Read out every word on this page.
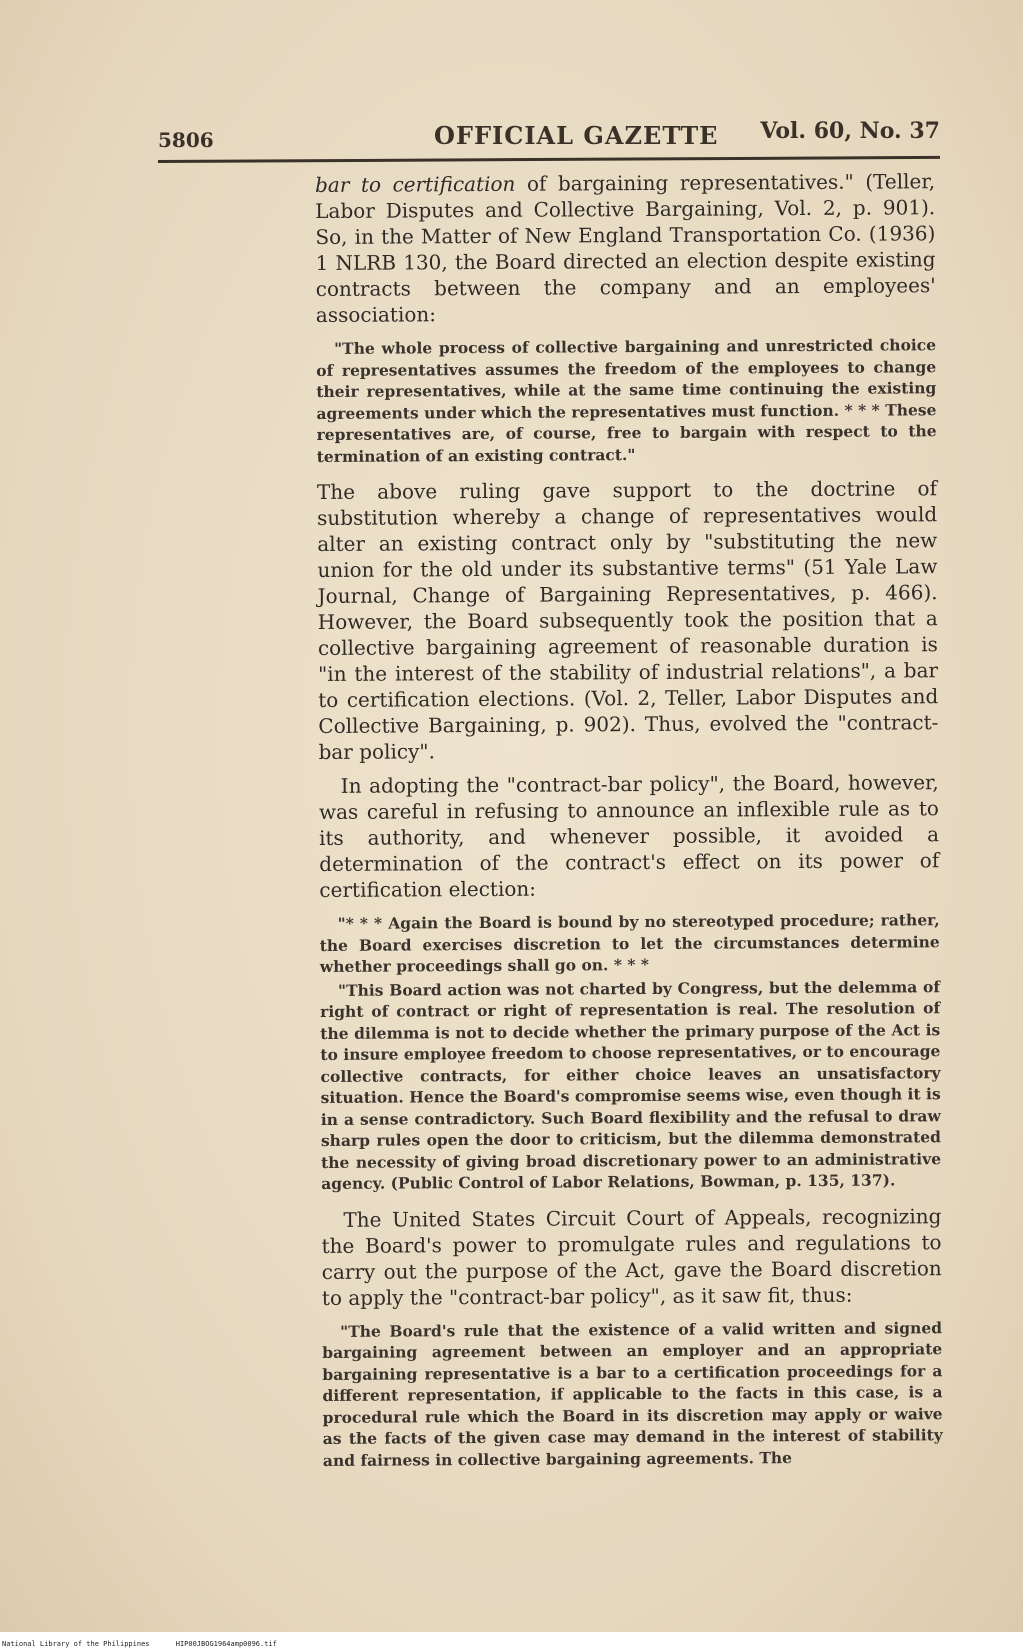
5806	OFFICIAL GAZETTE Vol. 60, No. 37

bar to certification of bargaining representatives." (Teller, Labor Disputes and Collective Bargaining, Vol. 2, p. 901). So, in the Matter of New England Transportation Co. (1936) 1 NLRB 130, the Board directed an election despite existing contracts between the company and an employees' association:

"The whole process of collective bargaining and unrestricted choice of representatives assumes the freedom of the employees to change their representatives, while at the same time continuing the existing agreements under which the representatives must function. * * * These representatives are, of course, free to bargain with respect to the termination of an existing contract."

The above ruling gave support to the doctrine of substitution whereby a change of representatives would alter an existing contract only by "substituting the new union for the old under its substantive terms" (51 Yale Law Journal, Change of Bargaining Representatives, p. 466). However, the Board subsequently took the position that a collective bargaining agreement of reasonable duration is "in the interest of the stability of industrial relations", a bar to certification elections. (Vol. 2, Teller, Labor Disputes and Collective Bargaining, p. 902). Thus, evolved the "contract-bar policy".

In adopting the "contract-bar policy", the Board, however, was careful in refusing to announce an inflexible rule as to its authority, and whenever possible, it avoided a determination of the contract's effect on its power of certification election:

"* * * Again the Board is bound by no stereotyped procedure; rather, the Board exercises discretion to let the circumstances determine whether proceedings shall go on. * * *

"This Board action was not charted by Congress, but the delemma of right of contract or right of representation is real. The resolution of the dilemma is not to decide whether the primary purpose of the Act is to insure employee freedom to choose representatives, or to encourage collective contracts, for either choice leaves an unsatisfactory situation. Hence the Board's compromise seems wise, even though it is in a sense contradictory. Such Board flexibility and the refusal to draw sharp rules open the door to criticism, but the dilemma demonstrated the necessity of giving broad discretionary power to an administrative agency. (Public Control of Labor Relations, Bowman, p. 135, 137).

The United States Circuit Court of Appeals, recognizing the Board's power to promulgate rules and regulations to carry out the purpose of the Act, gave the Board discretion to apply the "contract-bar policy", as it saw fit, thus:

"The Board's rule that the existence of a valid written and signed bargaining agreement between an employer and an appropriate bargaining representative is a bar to a certification proceedings for a different representation, if applicable to the facts in this case, is a procedural rule which the Board in its discretion may apply or waive as the facts of the given case may demand in the interest of stability and fairness in collective bargaining agreements. The

National Library of the Philippines	HIP00JBOG1964amp0096.tif
